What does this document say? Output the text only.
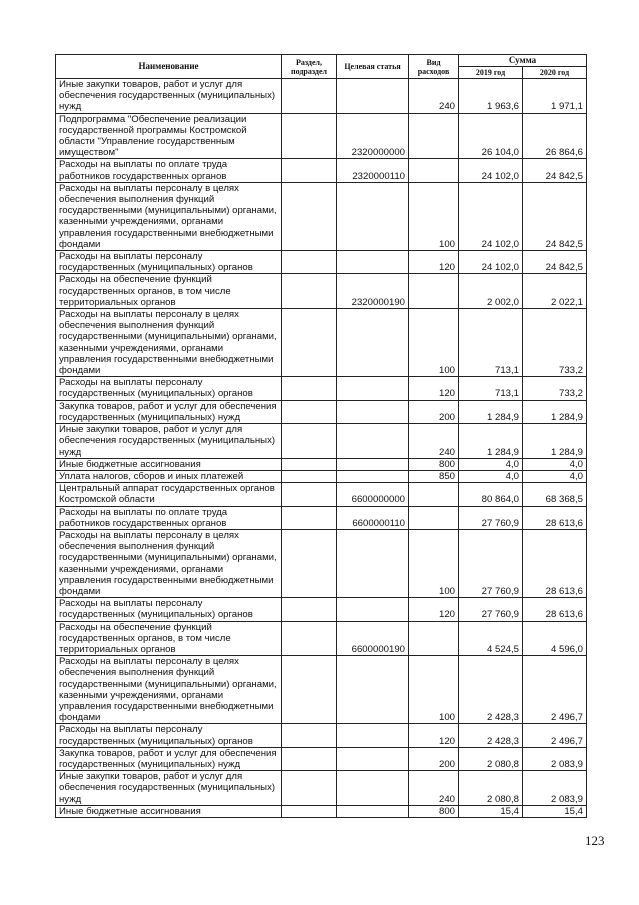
Наименование	Раздел, подраздел	Целевая статья	Вид расходов	Сумма	
				2019 год	2020 год
Иные закупки товаров, работ и услуг для обеспечения государственных (муниципальных) нужд			240	1 963,6	1 971,1
Подпрограмма "Обеспечение реализации государственной программы Костромской области "Управление государственным имуществом"		2320000000		26 104,0	26 864,6
Расходы на выплаты по оплате труда работников государственных органов		2320000110		24 102,0	24 842,5
Расходы на выплаты персоналу в целях обеспечения выполнения функций государственными (муниципальными) органами, казенными учреждениями, органами управления государственными внебюджетными фондами			100	24 102,0	24 842,5
Расходы на выплаты персоналу государственных (муниципальных) органов			120	24 102,0	24 842,5
Расходы на обеспечение функций государственных органов, в том числе территориальных органов		2320000190		2 002,0	2 022,1
Расходы на выплаты персоналу в целях обеспечения выполнения функций государственными (муниципальными) органами, казенными учреждениями, органами управления государственными внебюджетными фондами			100	713,1	733,2
Расходы на выплаты персоналу государственных (муниципальных) органов			120	713,1	733,2
Закупка товаров, работ и услуг для обеспечения государственных (муниципальных) нужд			200	1 284,9	1 284,9
Иные закупки товаров, работ и услуг для обеспечения государственных (муниципальных) нужд			240	1 284,9	1 284,9
Иные бюджетные ассигнования			800	4,0	4,0
Уплата налогов, сборов и иных платежей			850	4,0	4,0
Центральный аппарат государственных органов Костромской области		6600000000		80 864,0	68 368,5
Расходы на выплаты по оплате труда работников государственных органов		6600000110		27 760,9	28 613,6
Расходы на выплаты персоналу в целях обеспечения выполнения функций государственными (муниципальными) органами, казенными учреждениями, органами управления государственными внебюджетными фондами			100	27 760,9	28 613,6
Расходы на выплаты персоналу государственных (муниципальных) органов			120	27 760,9	28 613,6
Расходы на обеспечение функций государственных органов, в том числе территориальных органов		6600000190		4 524,5	4 596,0
Расходы на выплаты персоналу в целях обеспечения выполнения функций государственными (муниципальными) органами, казенными учреждениями, органами управления государственными внебюджетными фондами			100	2 428,3	2 496,7
Расходы на выплаты персоналу государственных (муниципальных) органов			120	2 428,3	2 496,7
Закупка товаров, работ и услуг для обеспечения государственных (муниципальных) нужд			200	2 080,8	2 083,9
Иные закупки товаров, работ и услуг для обеспечения государственных (муниципальных) нужд			240	2 080,8	2 083,9
Иные бюджетные ассигнования			800	15,4	15,4
123
